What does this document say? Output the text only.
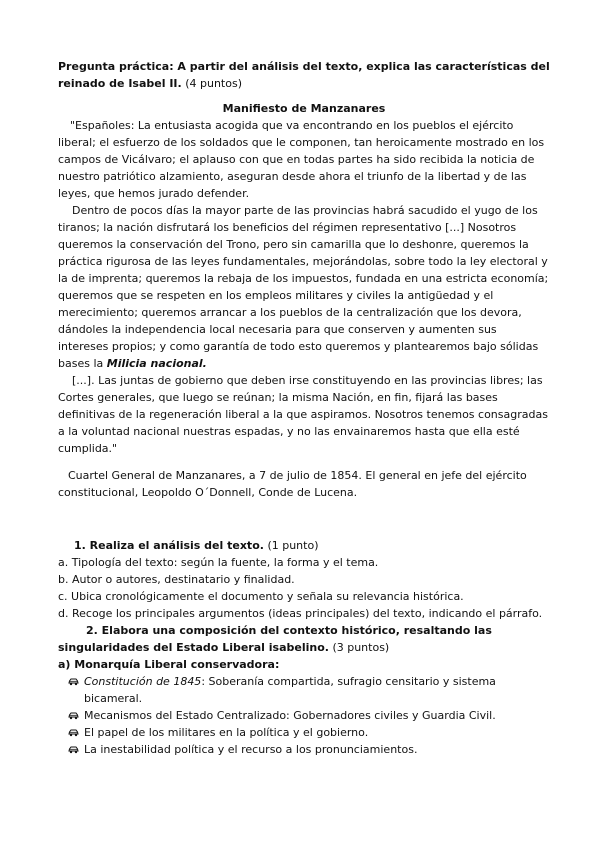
Pregunta práctica: A partir del análisis del texto, explica las características del reinado de Isabel II. (4 puntos)

Manifiesto de Manzanares

"Españoles: La entusiasta acogida que va encontrando en los pueblos el ejército liberal; el esfuerzo de los soldados que le componen, tan heroicamente mostrado en los campos de Vicálvaro; el aplauso con que en todas partes ha sido recibida la noticia de nuestro patriótico alzamiento, aseguran desde ahora el triunfo de la libertad y de las leyes, que hemos jurado defender.

Dentro de pocos días la mayor parte de las provincias habrá sacudido el yugo de los tiranos; la nación disfrutará los beneficios del régimen representativo [...] Nosotros queremos la conservación del Trono, pero sin camarilla que lo deshonre, queremos la práctica rigurosa de las leyes fundamentales, mejorándolas, sobre todo la ley electoral y la de imprenta; queremos la rebaja de los impuestos, fundada en una estricta economía; queremos que se respeten en los empleos militares y civiles la antigüedad y el merecimiento; queremos arrancar a los pueblos de la centralización que los devora, dándoles la independencia local necesaria para que conserven y aumenten sus intereses propios; y como garantía de todo esto queremos y plantearemos bajo sólidas bases la Milicia nacional.

[...]. Las juntas de gobierno que deben irse constituyendo en las provincias libres; las Cortes generales, que luego se reúnan; la misma Nación, en fin, fijará las bases definitivas de la regeneración liberal a la que aspiramos. Nosotros tenemos consagradas a la voluntad nacional nuestras espadas, y no las envainaremos hasta que ella esté cumplida."

Cuartel General de Manzanares, a 7 de julio de 1854. El general en jefe del ejército constitucional, Leopoldo O´Donnell, Conde de Lucena.

1. Realiza el análisis del texto. (1 punto)

a. Tipología del texto: según la fuente, la forma y el tema.
b. Autor o autores, destinatario y finalidad.
c. Ubica cronológicamente el documento y señala su relevancia histórica.
d. Recoge los principales argumentos (ideas principales) del texto, indicando el párrafo.

2. Elabora una composición del contexto histórico, resaltando las singularidades del Estado Liberal isabelino. (3 puntos)

a) Monarquía Liberal conservadora:

Constitución de 1845: Soberanía compartida, sufragio censitario y sistema bicameral.
Mecanismos del Estado Centralizado: Gobernadores civiles y Guardia Civil.
El papel de los militares en la política y el gobierno.
La inestabilidad política y el recurso a los pronunciamientos.
